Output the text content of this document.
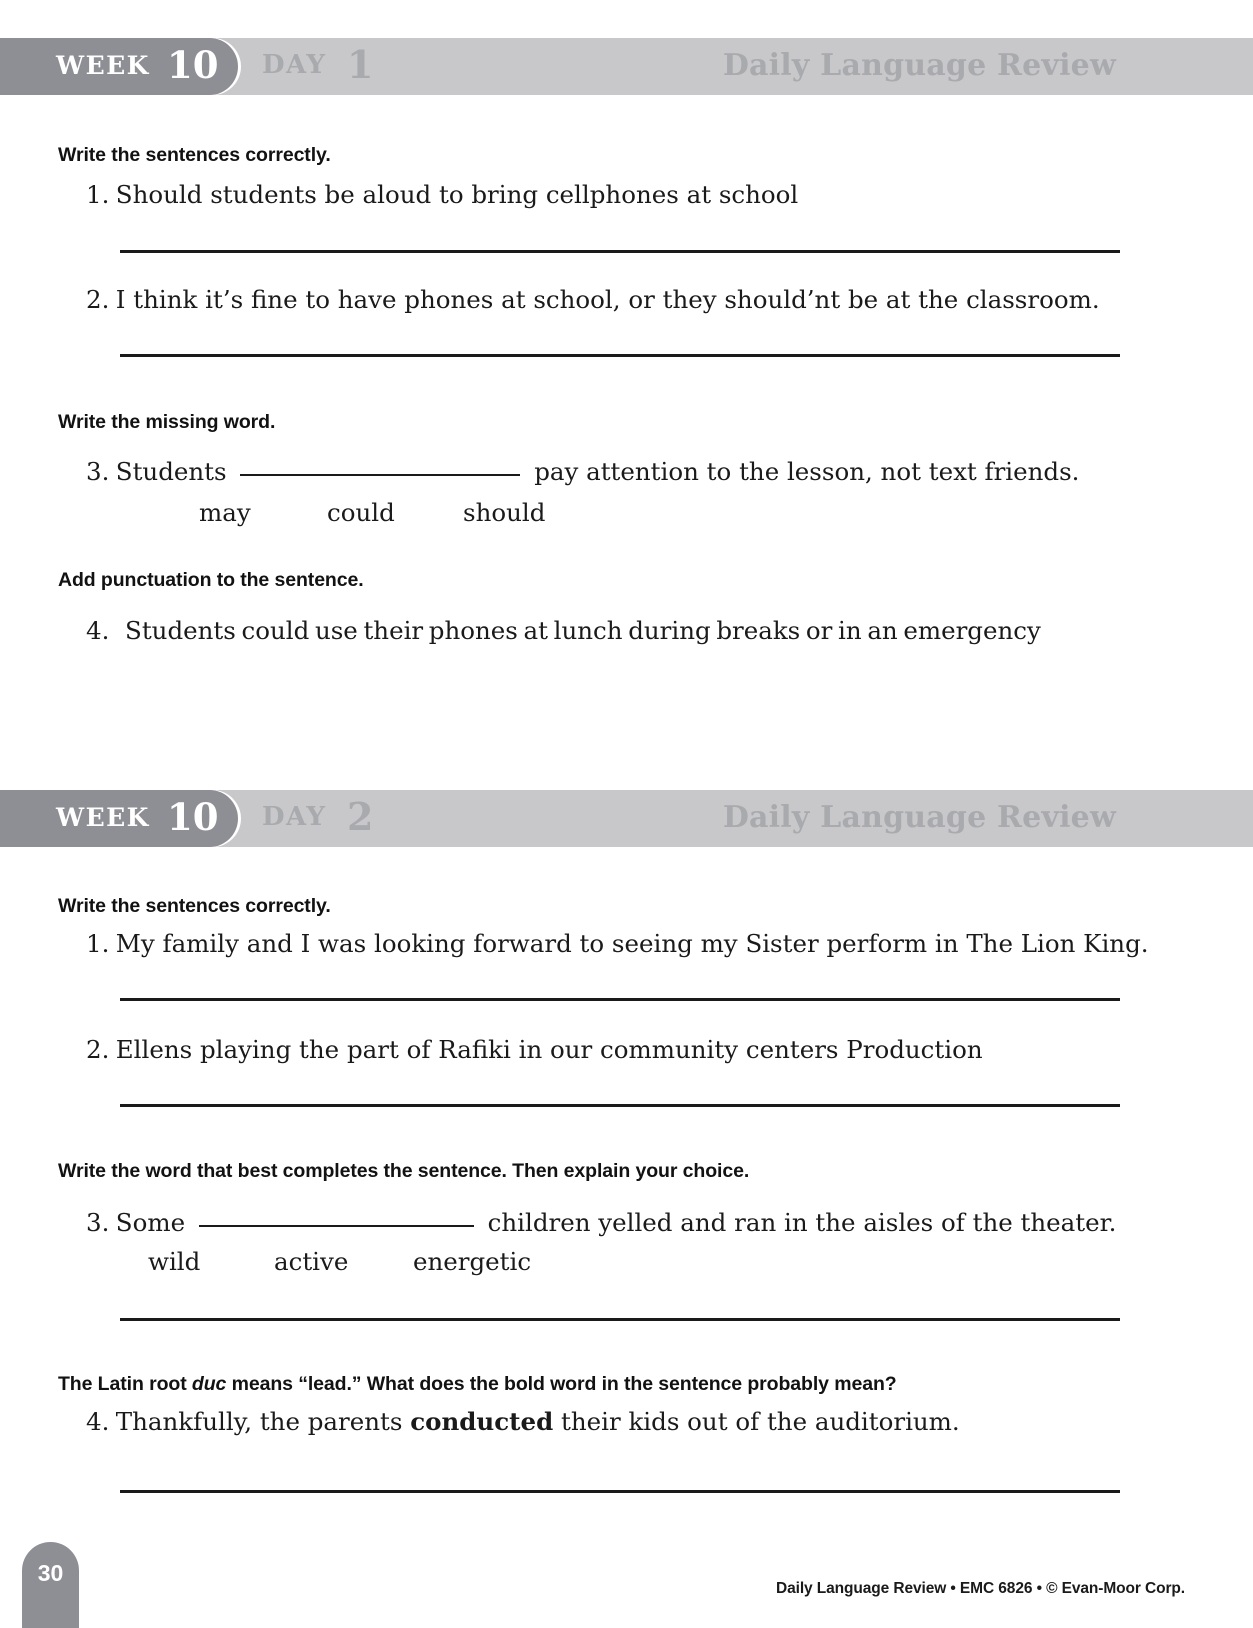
WEEK 10 DAY 1	Daily Language Review
Write the sentences correctly.
1. Should students be aloud to bring cellphones at school
2. I think it’s fine to have phones at school, or they should’nt be at the classroom.
Write the missing word.
3. Students	pay attention to the lesson, not text friends.
may	could	should
Add punctuation to the sentence.
4. Students could use their phones at lunch during breaks or in an emergency
WEEK 10 DAY 2	Daily Language Review
Write the sentences correctly.
1. My family and I was looking forward to seeing my Sister perform in The Lion King.
2. Ellens playing the part of Rafiki in our community centers Production
Write the word that best completes the sentence. Then explain your choice.
3. Some	children yelled and ran in the aisles of the theater.
wild	active	energetic
The Latin root duc means “lead.” What does the bold word in the sentence probably mean?
4. Thankfully, the parents conducted their kids out of the auditorium.
30
Daily Language Review • EMC 6826 • © Evan-Moor Corp.
